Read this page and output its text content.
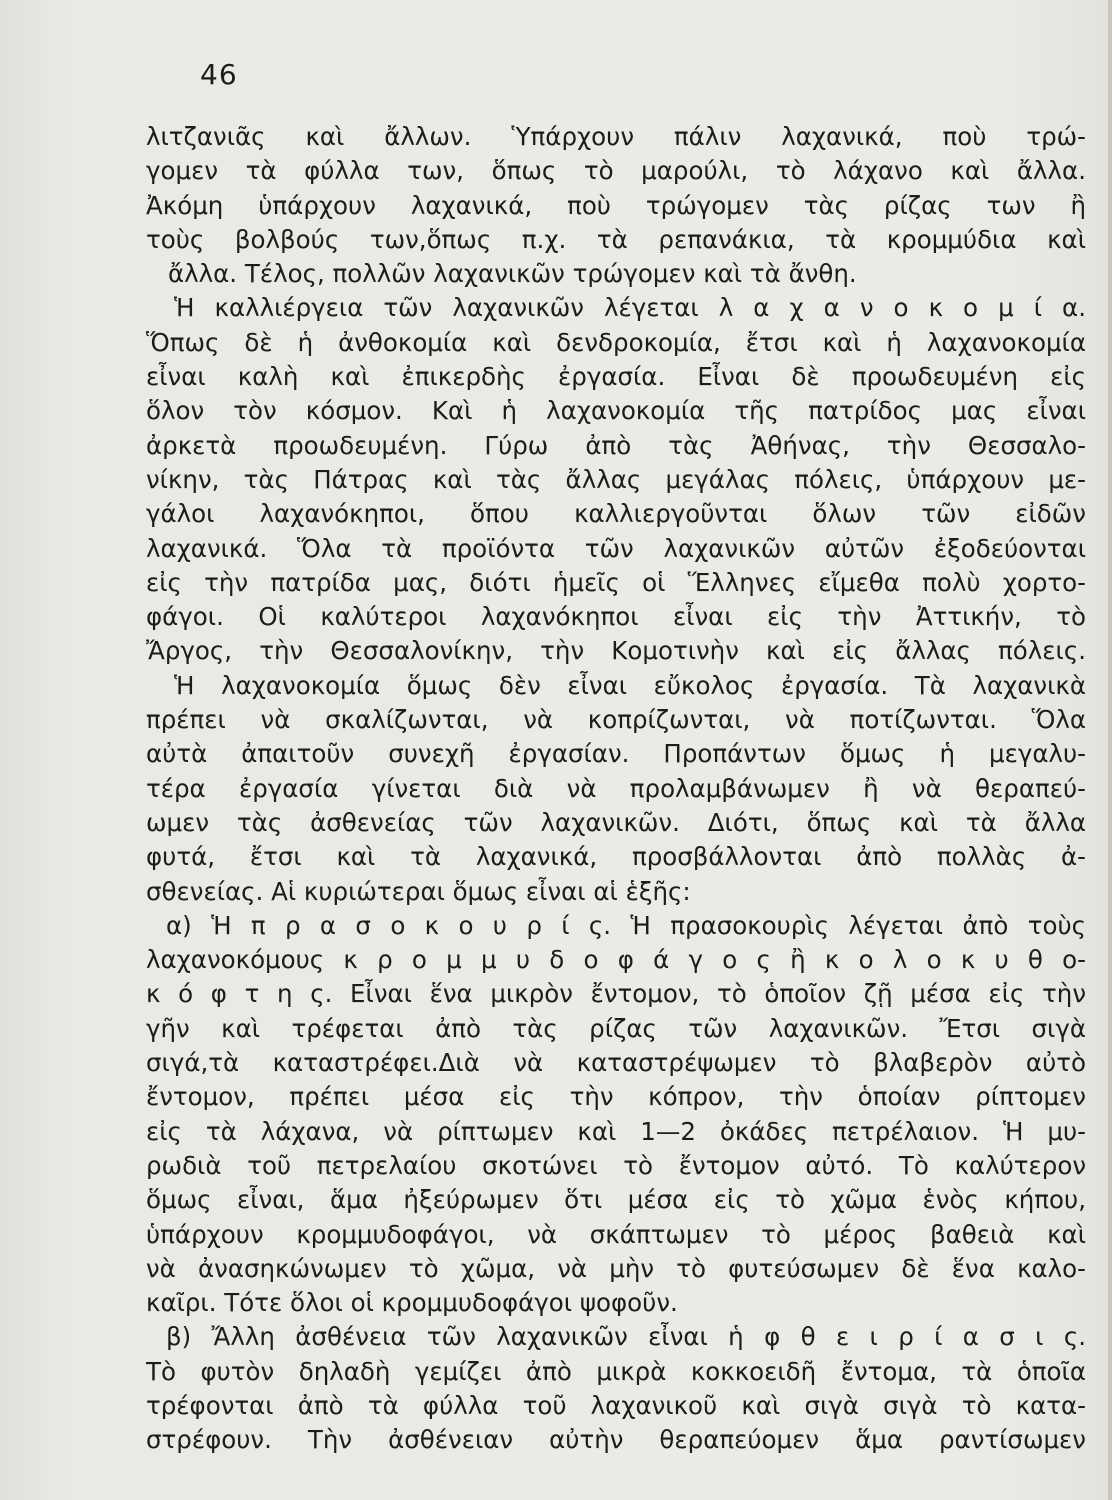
46
λιτζανιᾶς καὶ ἄλλων. Ὑπάρχουν πάλιν λαχανικά, ποὺ τρώ-
γομεν τὰ φύλλα των, ὅπως τὸ μαρούλι, τὸ λάχανο καὶ ἄλλα.
Ἀκόμη ὑπάρχουν λαχανικά, ποὺ τρώγομεν τὰς ρίζας των ἢ
τοὺς βολβούς των,ὅπως π.χ. τὰ ρεπανάκια, τὰ κρομμύδια καὶ
ἄλλα. Τέλος, πολλῶν λαχανικῶν τρώγομεν καὶ τὰ ἄνθη.
Ἡ καλλιέργεια τῶν λαχανικῶν λέγεται λ α χ α ν ο κ ο μ ί α.
Ὅπως δὲ ἡ ἀνθοκομία καὶ δενδροκομία, ἔτσι καὶ ἡ λαχανοκομία
εἶναι καλὴ καὶ ἐπικερδὴς ἐργασία. Εἶναι δὲ προωδευμένη εἰς
ὅλον τὸν κόσμον. Καὶ ἡ λαχανοκομία τῆς πατρίδος μας εἶναι
ἀρκετὰ προωδευμένη. Γύρω ἀπὸ τὰς Ἀθήνας, τὴν Θεσσαλο-
νίκην, τὰς Πάτρας καὶ τὰς ἄλλας μεγάλας πόλεις, ὑπάρχουν με-
γάλοι λαχανόκηποι, ὅπου καλλιεργοῦνται ὅλων τῶν εἰδῶν
λαχανικά. Ὅλα τὰ προϊόντα τῶν λαχανικῶν αὐτῶν ἐξοδεύονται
εἰς τὴν πατρίδα μας, διότι ἡμεῖς οἱ Ἕλληνες εἴμεθα πολὺ χορτο-
φάγοι. Οἱ καλύτεροι λαχανόκηποι εἶναι εἰς τὴν Ἀττικήν, τὸ
Ἄργος, τὴν Θεσσαλονίκην, τὴν Κομοτινὴν καὶ εἰς ἄλλας πόλεις.
Ἡ λαχανοκομία ὅμως δὲν εἶναι εὔκολος ἐργασία. Τὰ λαχανικὰ
πρέπει νὰ σκαλίζωνται, νὰ κοπρίζωνται, νὰ ποτίζωνται. Ὅλα
αὐτὰ ἀπαιτοῦν συνεχῆ ἐργασίαν. Προπάντων ὅμως ἡ μεγαλυ-
τέρα ἐργασία γίνεται διὰ νὰ προλαμβάνωμεν ἢ νὰ θεραπεύ-
ωμεν τὰς ἀσθενείας τῶν λαχανικῶν. Διότι, ὅπως καὶ τὰ ἄλλα
φυτά, ἔτσι καὶ τὰ λαχανικά, προσβάλλονται ἀπὸ πολλὰς ἀ-
σθενείας. Αἱ κυριώτεραι ὅμως εἶναι αἱ ἑξῆς:
α) Ἡ π ρ α σ ο κ ο υ ρ ί ς. Ἡ πρασοκουρὶς λέγεται ἀπὸ τοὺς
λαχανοκόμους κ ρ ο μ μ υ δ ο φ ά γ ο ς ἢ κ ο λ ο κ υ θ ο-
κ ό φ τ η ς. Εἶναι ἕνα μικρὸν ἔντομον, τὸ ὁποῖον ζῇ μέσα εἰς τὴν
γῆν καὶ τρέφεται ἀπὸ τὰς ρίζας τῶν λαχανικῶν. Ἔτσι σιγὰ
σιγά,τὰ καταστρέφει.Διὰ νὰ καταστρέψωμεν τὸ βλαβερὸν αὐτὸ
ἔντομον, πρέπει μέσα εἰς τὴν κόπρον, τὴν ὁποίαν ρίπτομεν
εἰς τὰ λάχανα, νὰ ρίπτωμεν καὶ 1—2 ὀκάδες πετρέλαιον. Ἡ μυ-
ρωδιὰ τοῦ πετρελαίου σκοτώνει τὸ ἔντομον αὐτό. Τὸ καλύτερον
ὅμως εἶναι, ἅμα ἠξεύρωμεν ὅτι μέσα εἰς τὸ χῶμα ἑνὸς κήπου,
ὑπάρχουν κρομμυδοφάγοι, νὰ σκάπτωμεν τὸ μέρος βαθειὰ καὶ
νὰ ἀνασηκώνωμεν τὸ χῶμα, νὰ μὴν τὸ φυτεύσωμεν δὲ ἕνα καλο-
καῖρι. Τότε ὅλοι οἱ κρομμυδοφάγοι ψοφοῦν.
β) Ἄλλη ἀσθένεια τῶν λαχανικῶν εἶναι ἡ φ θ ε ι ρ ί α σ ι ς.
Τὸ φυτὸν δηλαδὴ γεμίζει ἀπὸ μικρὰ κοκκοειδῆ ἔντομα, τὰ ὁποῖα
τρέφονται ἀπὸ τὰ φύλλα τοῦ λαχανικοῦ καὶ σιγὰ σιγὰ τὸ κατα-
στρέφουν. Τὴν ἀσθένειαν αὐτὴν θεραπεύομεν ἅμα ραντίσωμεν
